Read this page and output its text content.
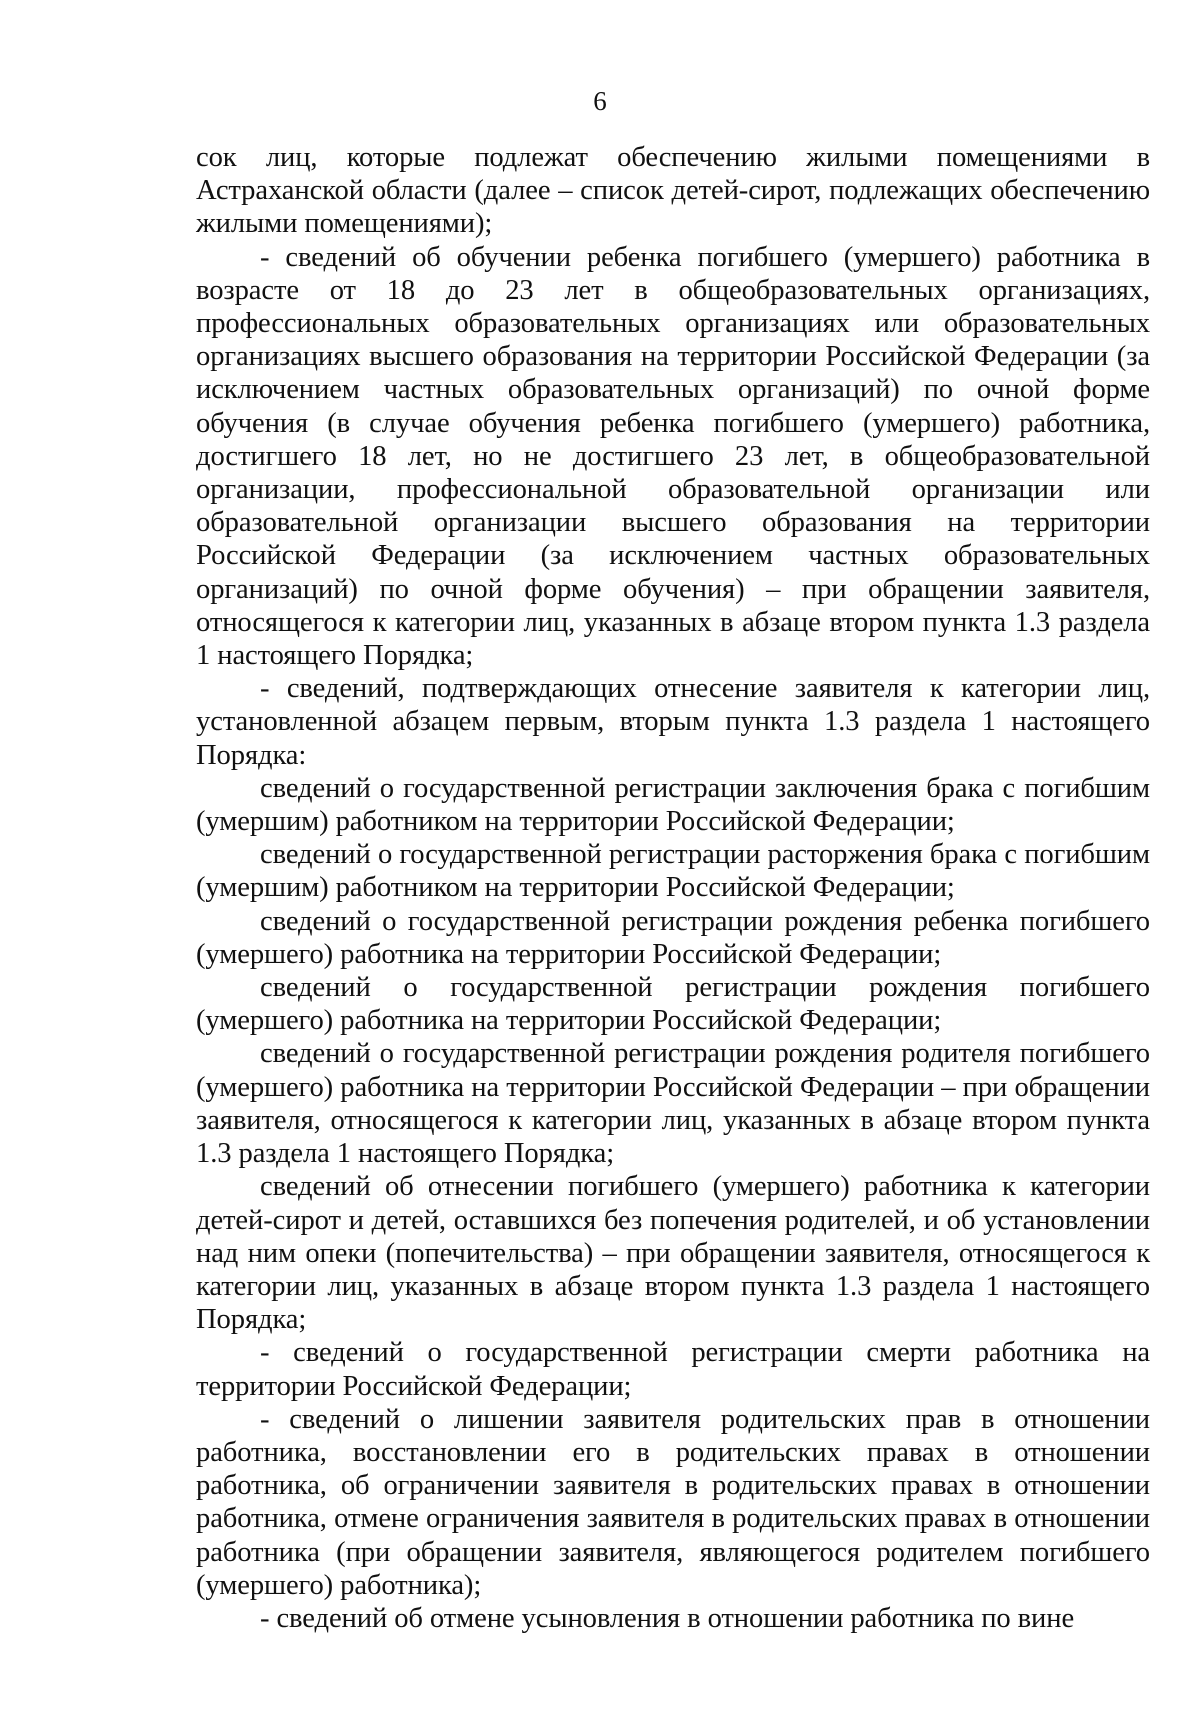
6

сок лиц, которые подлежат обеспечению жилыми помещениями в Астраханской области (далее – список детей-сирот, подлежащих обеспечению жилыми помещениями);

- сведений об обучении ребенка погибшего (умершего) работника в возрасте от 18 до 23 лет в общеобразовательных организациях, профессиональных образовательных организациях или образовательных организациях высшего образования на территории Российской Федерации (за исключением частных образовательных организаций) по очной форме обучения (в случае обучения ребенка погибшего (умершего) работника, достигшего 18 лет, но не достигшего 23 лет, в общеобразовательной организации, профессиональной образовательной организации или образовательной организации высшего образования на территории Российской Федерации (за исключением частных образовательных организаций) по очной форме обучения) – при обращении заявителя, относящегося к категории лиц, указанных в абзаце втором пункта 1.3 раздела 1 настоящего Порядка;

- сведений, подтверждающих отнесение заявителя к категории лиц, установленной абзацем первым, вторым пункта 1.3 раздела 1 настоящего Порядка:

сведений о государственной регистрации заключения брака с погибшим (умершим) работником на территории Российской Федерации;

сведений о государственной регистрации расторжения брака с погибшим (умершим) работником на территории Российской Федерации;

сведений о государственной регистрации рождения ребенка погибшего (умершего) работника на территории Российской Федерации;

сведений о государственной регистрации рождения погибшего (умершего) работника на территории Российской Федерации;

сведений о государственной регистрации рождения родителя погибшего (умершего) работника на территории Российской Федерации – при обращении заявителя, относящегося к категории лиц, указанных в абзаце втором пункта 1.3 раздела 1 настоящего Порядка;

сведений об отнесении погибшего (умершего) работника к категории детей-сирот и детей, оставшихся без попечения родителей, и об установлении над ним опеки (попечительства) – при обращении заявителя, относящегося к категории лиц, указанных в абзаце втором пункта 1.3 раздела 1 настоящего Порядка;

- сведений о государственной регистрации смерти работника на территории Российской Федерации;

- сведений о лишении заявителя родительских прав в отношении работника, восстановлении его в родительских правах в отношении работника, об ограничении заявителя в родительских правах в отношении работника, отмене ограничения заявителя в родительских правах в отношении работника (при обращении заявителя, являющегося родителем погибшего (умершего) работника);

- сведений об отмене усыновления в отношении работника по вине
